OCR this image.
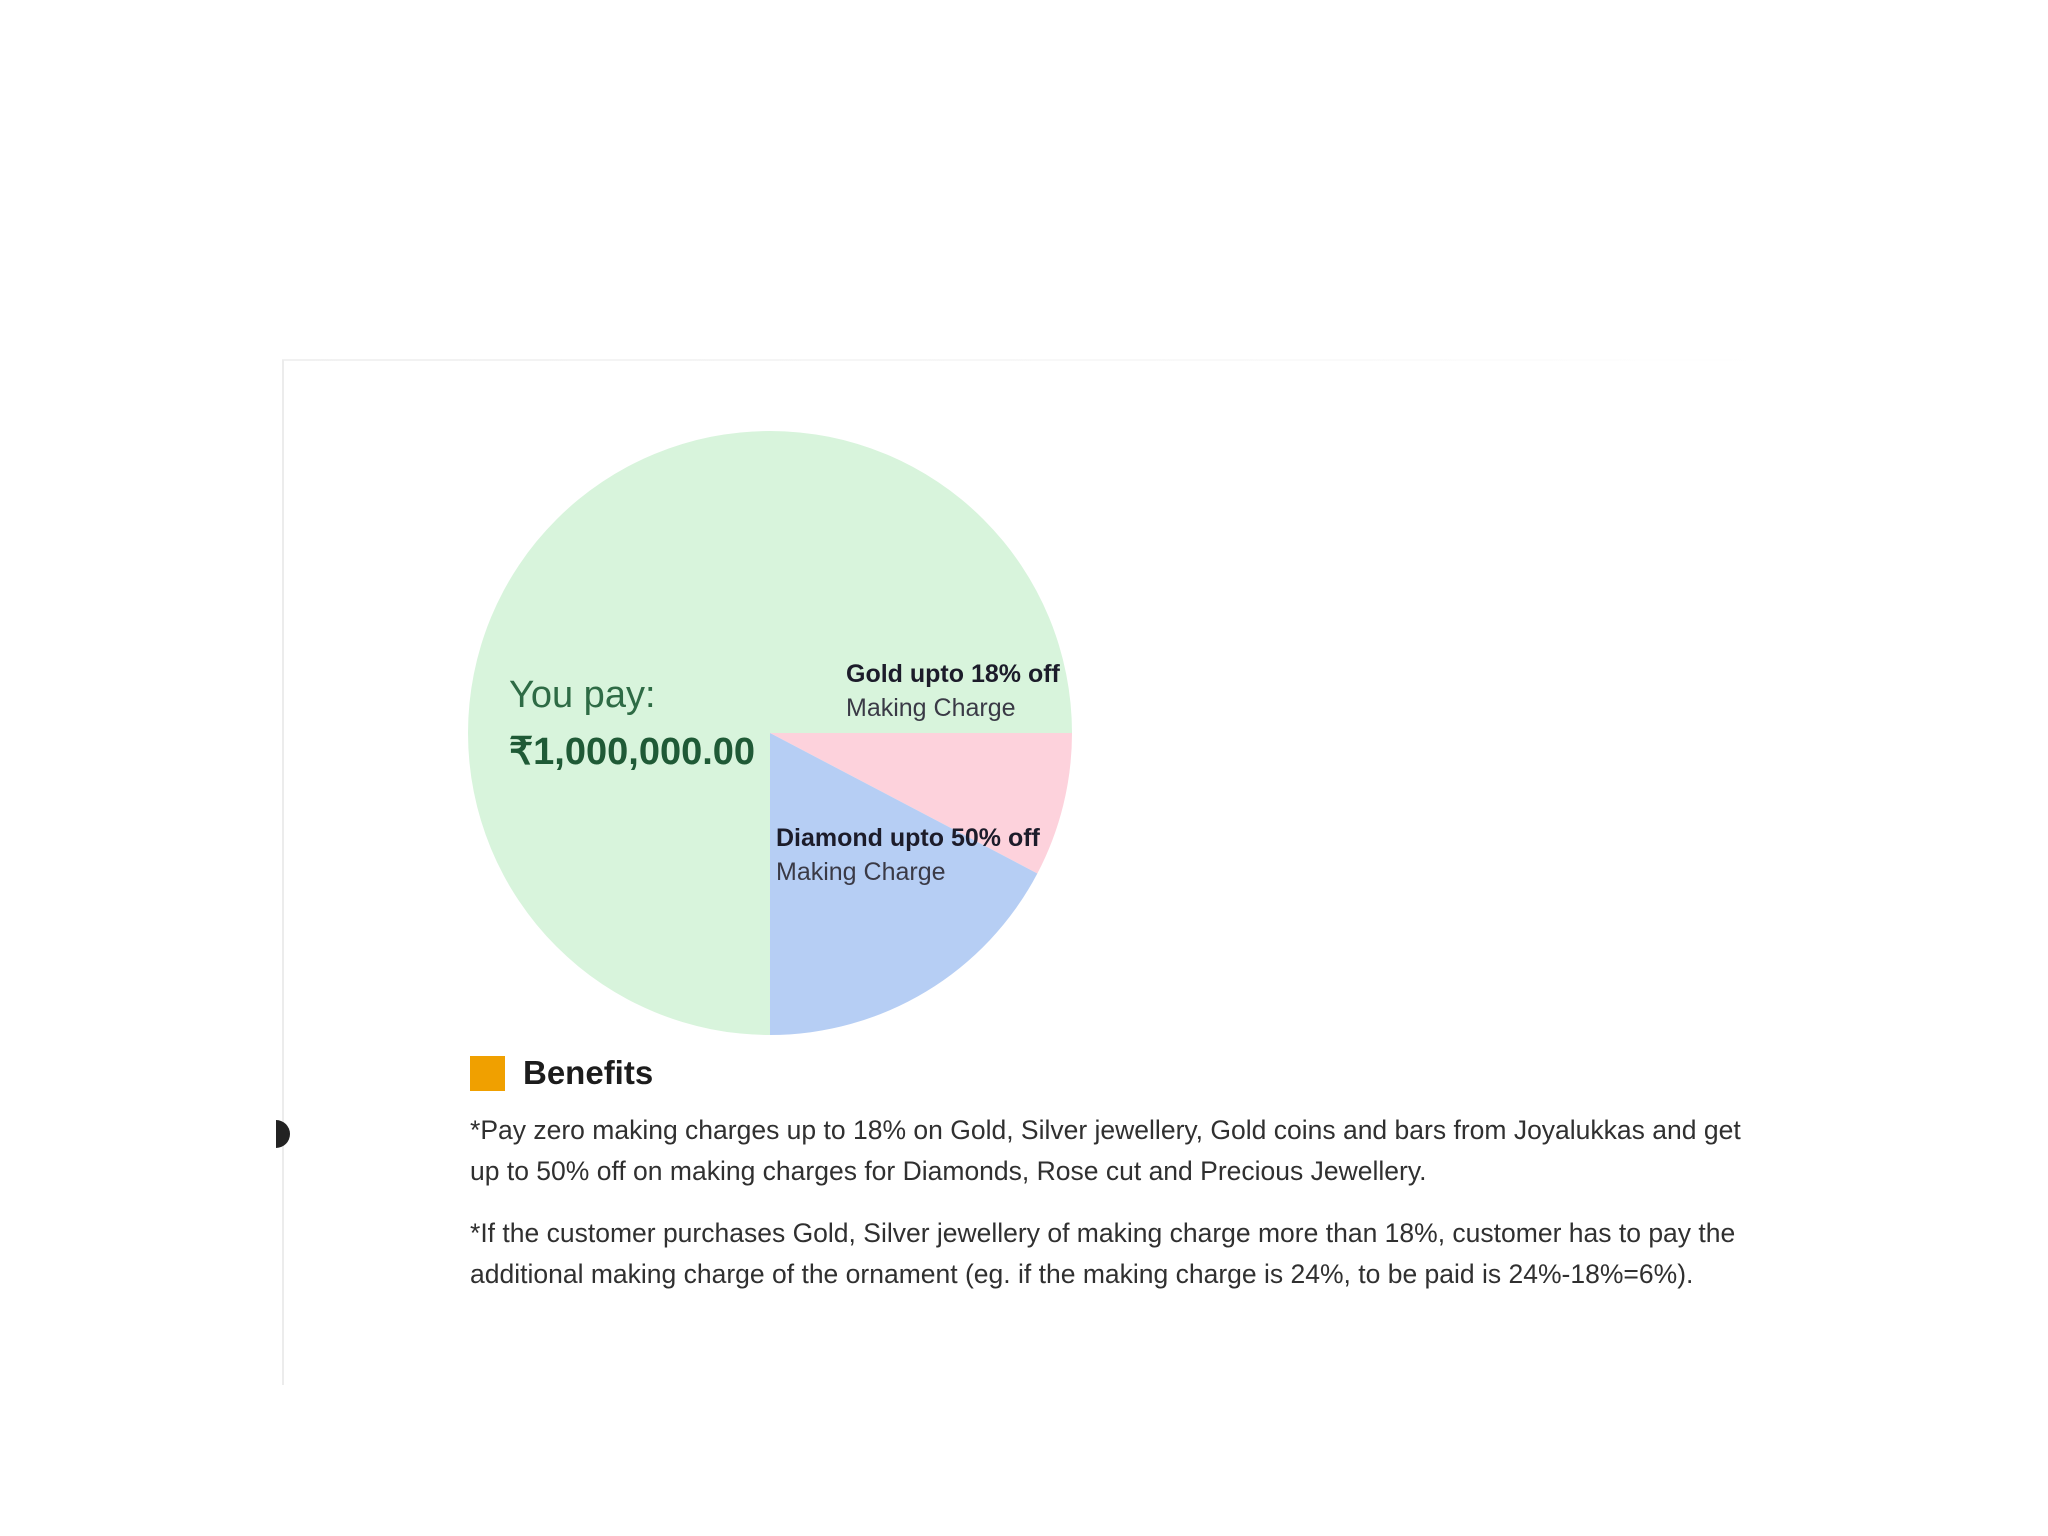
You pay:
₹1,000,000.00
Gold upto 18% off
Making Charge
Diamond upto 50% off
Making Charge
Benefits

*Pay zero making charges up to 18% on Gold, Silver jewellery, Gold coins and bars from Joyalukkas and get up to 50% off on making charges for Diamonds, Rose cut and Precious Jewellery.

*If the customer purchases Gold, Silver jewellery of making charge more than 18%, customer has to pay the additional making charge of the ornament (eg. if the making charge is 24%, to be paid is 24%-18%=6%).
